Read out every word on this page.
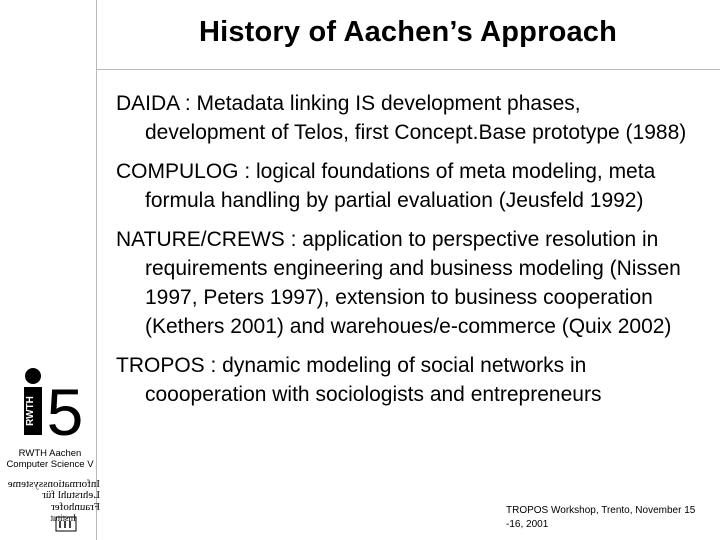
History of Aachen’s Approach
DAIDA : Metadata linking IS development phases, development of Telos, first Concept.Base prototype (1988)
COMPULOG : logical foundations of meta modeling, meta formula handling by partial evaluation (Jeusfeld 1992)
NATURE/CREWS : application to perspective resolution in requirements engineering and business modeling (Nissen 1997, Peters 1997), extension to business cooperation (Kethers 2001) and warehoues/e-commerce (Quix 2002)
TROPOS : dynamic modeling of social networks in coooperation with sociologists and entrepreneurs
RWTH 5
RWTH Aachen
Computer Science V
Informationssysteme
Lehrstuhl für
Fraunhofer
Institut
TROPOS Workshop, Trento, November 15
-16, 2001
